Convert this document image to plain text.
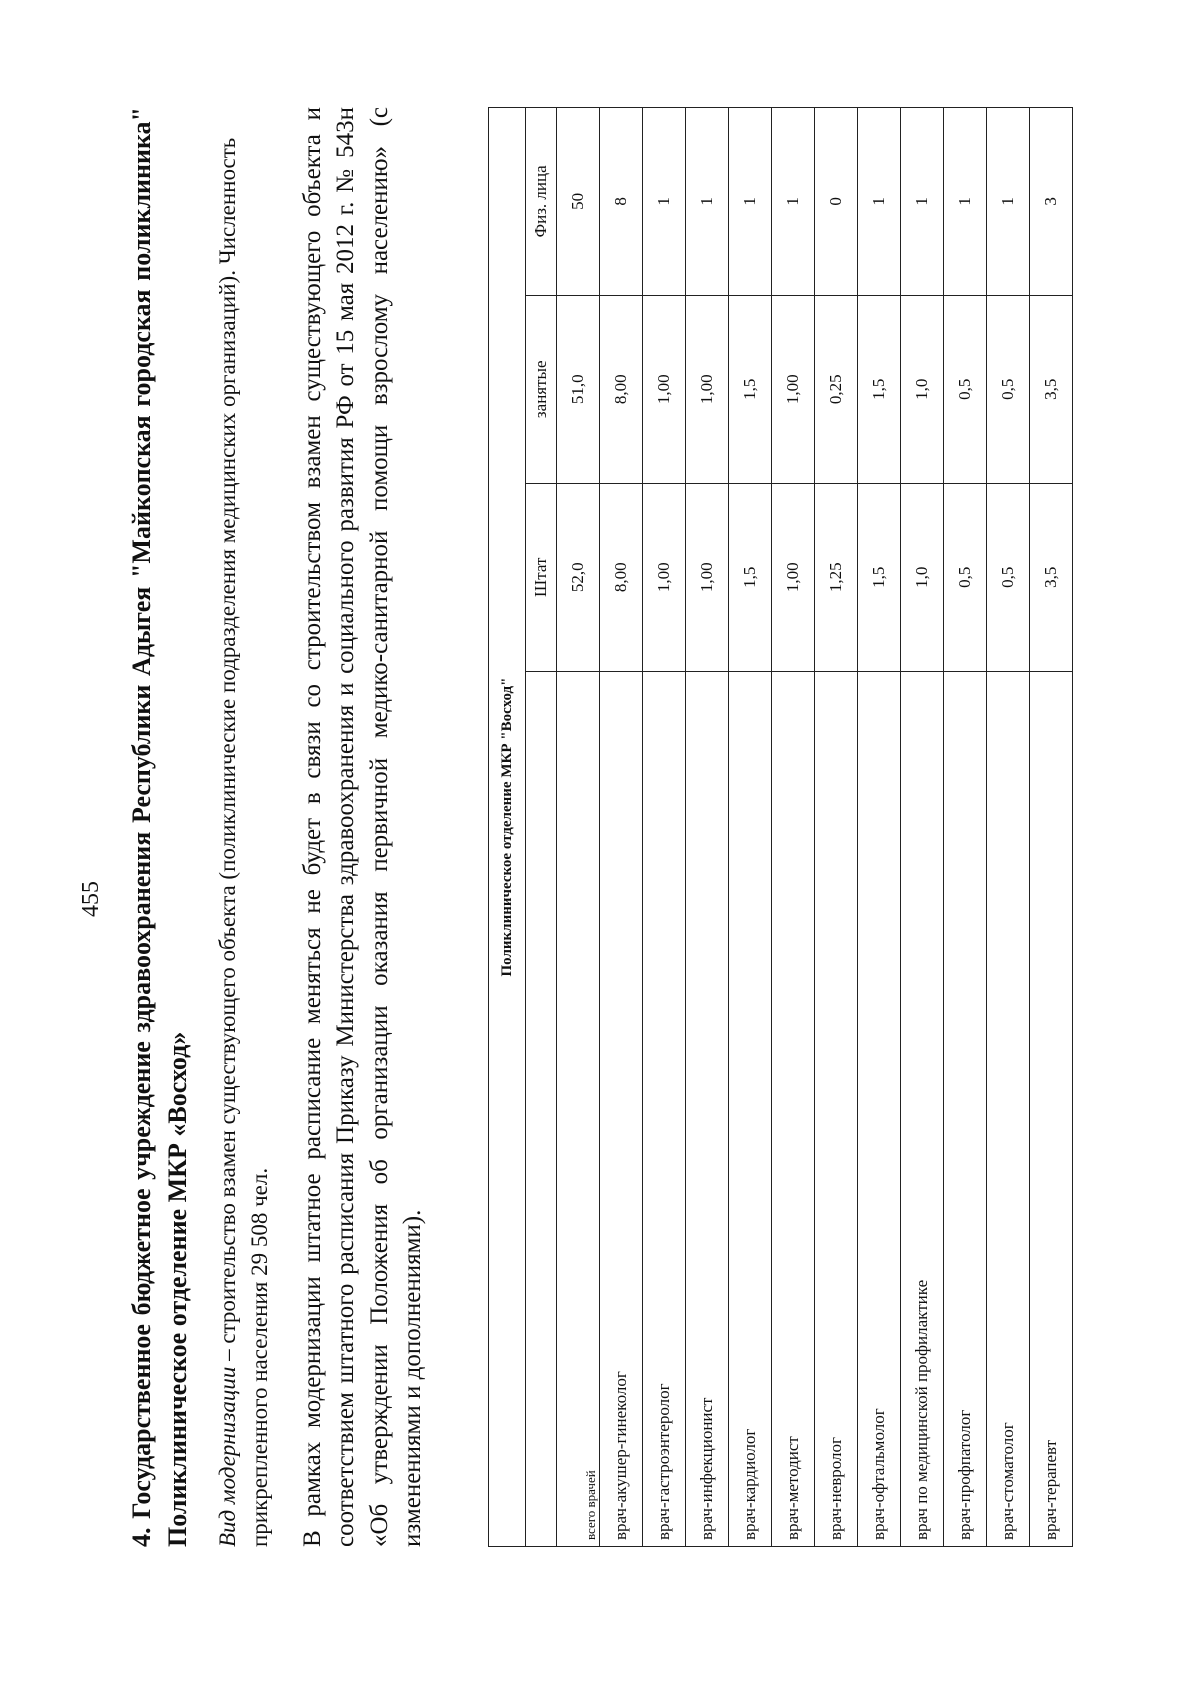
455 4. Государственное бюджетное учреждение здравоохранения Республики Адыгея "Майкопская городская поликлиника" Поликлиническое отделение МКР «Восход» Вид модернизации – строительство взамен существующего объекта (поликлинические подразделения медицинских организаций). Численность прикрепленного населения 29 508 чел. В рамках модернизации штатное расписание меняться не будет в связи со строительством взамен существующего объекта и соответствием штатного расписания Приказу Министерства здравоохранения и социального развития РФ от 15 мая 2012 г. № 543н «Об утверждении Положения об организации оказания первичной медико-санитарной помощи взрослому населению» (с изменениями и дополнениями).
Поликлиническое отделение МКР "Восход"			
	Штат	занятые	Физ. лица
всего врачей	52,0	51,0	50
врач-акушер-гинеколог	8,00	8,00	8
врач-гастроэнтеролог	1,00	1,00	1
врач-инфекционист	1,00	1,00	1
врач-кардиолог	1,5	1,5	1
врач-методист	1,00	1,00	1
врач-невролог	1,25	0,25	0
врач-офтальмолог	1,5	1,5	1
врач по медицинской профилактике	1,0	1,0	1
врач-профпатолог	0,5	0,5	1
врач-стоматолог	0,5	0,5	1
врач-терапевт	3,5	3,5	3
